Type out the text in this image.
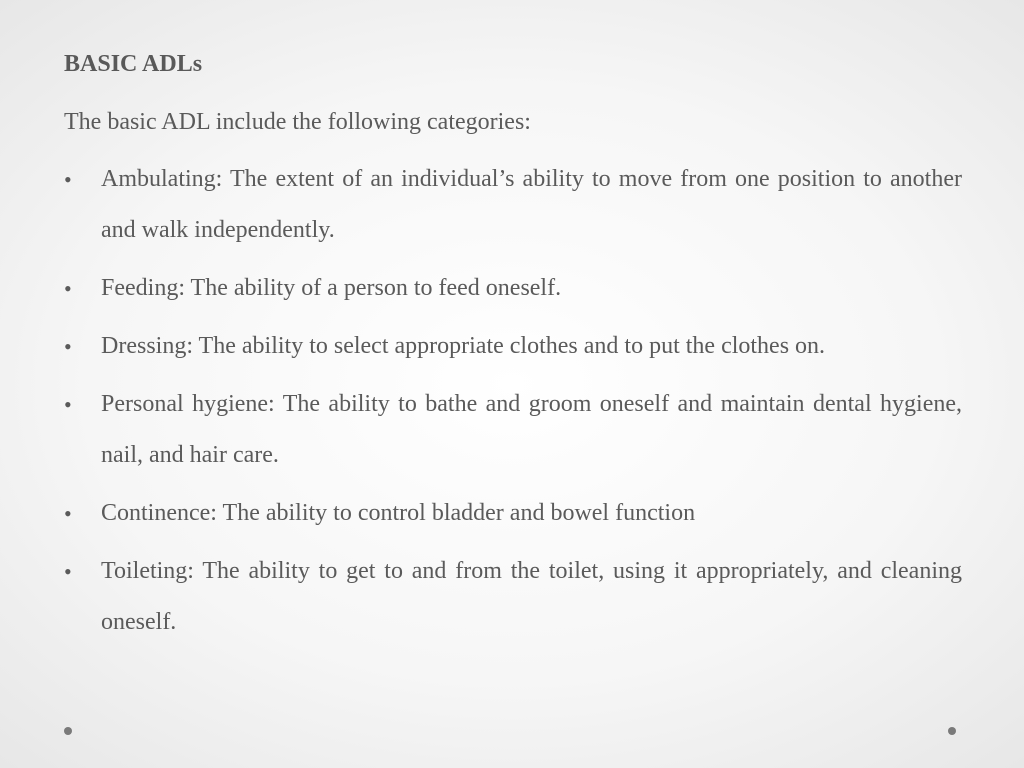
BASIC ADLs
The basic ADL include the following categories:
• Ambulating: The extent of an individual’s ability to move from one position to another and walk independently.
• Feeding: The ability of a person to feed oneself.
• Dressing: The ability to select appropriate clothes and to put the clothes on.
• Personal hygiene: The ability to bathe and groom oneself and maintain dental hygiene, nail, and hair care.
• Continence: The ability to control bladder and bowel function
• Toileting: The ability to get to and from the toilet, using it appropriately, and cleaning oneself.
